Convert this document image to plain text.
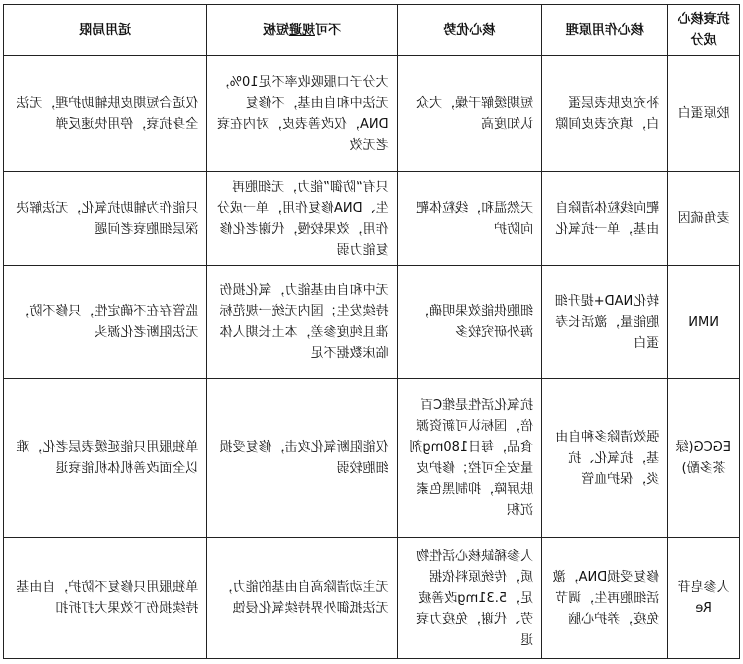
抗衰核心成分	核心作用原理	核心优势	不可规避短板	适用局限
胶原蛋白	补充皮肤表层蛋白，填充表皮间隙	短期缓解干燥，大众认知度高	大分子口服吸收率不足10%，无法中和自由基，不修复DNA，仅改善表皮，对内在衰老无效	仅适合短期皮肤辅助护理，无法全身抗衰，停用快速反弹
麦角硫因	靶向线粒体清除自由基，单一抗氧化	天然温和，线粒体靶向防护	只有“防御”能力，无细胞再生、DNA修复作用，单一成分作用，效果较慢，代谢老化修复能力弱	只能作为辅助抗氧化，无法解决深层细胞衰老问题
NMN	转化NAD+提升细胞能量，激活长寿蛋白	细胞供能效果明确，海外研究较多	无中和自由基能力，氧化损伤持续发生；国内无统一规范标准且纯度参差，本土长期人体临床数据不足	监管存在不确定性，只修不防，无法阻断老化源头
EGCG(绿茶多酚)	强效清除多种自由基，抗氧化、抗炎，保护血管	抗氧化活性是维C百倍，国标认可新资源食品，每日180mg剂量安全可控；修护皮肤屏障，抑制黑色素沉积	仅能阻断氧化攻击，修复受损细胞较弱	单独服用只能延缓表层老化，难以全面改善机体机能衰退
人参皂苷Re	修复受损DNA，激活细胞再生，调节免疫，养护心脑	人参稀缺核心活性物质，传统原料依据足，5.31mg改善疲劳、代谢，免疫力衰退	无主动清除高自由基的能力，无法抵御外界持续氧化侵蚀	单独服用只修复不防护，自由基持续损伤下效果大打折扣
